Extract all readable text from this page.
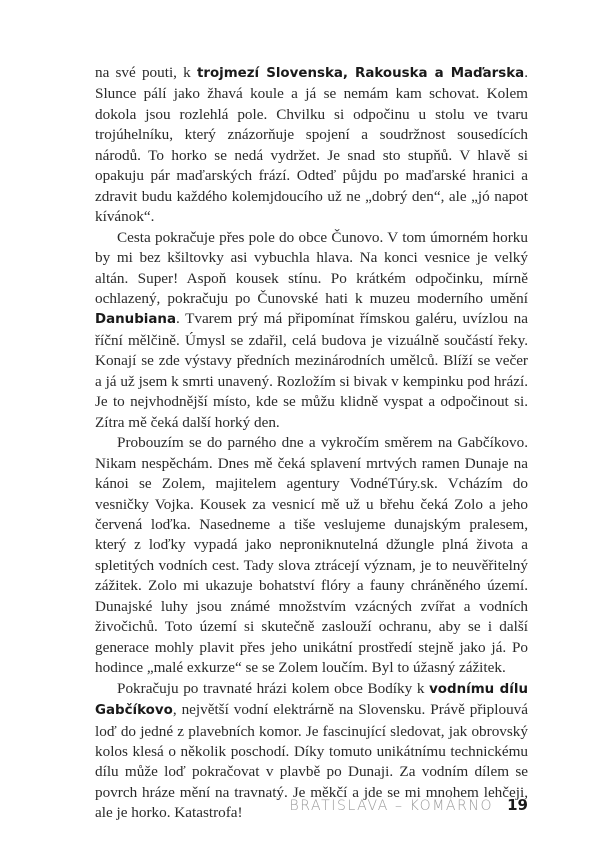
na své pouti, k trojmezí Slovenska, Rakouska a Maďarska. Slunce pálí jako žhavá koule a já se nemám kam schovat. Kolem dokola jsou rozlehlá pole. Chvilku si odpočinu u stolu ve tvaru trojúhelníku, který znázorňuje spojení a soudržnost sousedících národů. To horko se nedá vydržet. Je snad sto stupňů. V hlavě si opakuju pár maďarských frází. Odteď půjdu po maďarské hranici a zdravit budu každého kolemjdoucího už ne „dobrý den“, ale „jó napot kívánok“.

Cesta pokračuje přes pole do obce Čunovo. V tom úmorném horku by mi bez kšiltovky asi vybuchla hlava. Na konci vesnice je velký altán. Super! Aspoň kousek stínu. Po krátkém odpočinku, mírně ochlazený, pokračuju po Čunovské hati k muzeu moderního umění Danubiana. Tvarem prý má připomínat římskou galéru, uvízlou na říční mělčině. Úmysl se zdařil, celá budova je vizuálně součástí řeky. Konají se zde výstavy předních mezinárodních umělců. Blíží se večer a já už jsem k smrti unavený. Rozložím si bivak v kempinku pod hrází. Je to nejvhodnější místo, kde se můžu klidně vyspat a odpočinout si. Zítra mě čeká další horký den.

Probouzím se do parného dne a vykročím směrem na Gabčíkovo. Nikam nespěchám. Dnes mě čeká splavení mrtvých ramen Dunaje na kánoi se Zolem, majitelem agentury VodnéTúry.sk. Vcházím do vesničky Vojka. Kousek za vesnicí mě už u břehu čeká Zolo a jeho červená loďka. Nasedneme a tiše veslujeme dunajským pralesem, který z loďky vypadá jako neproniknutelná džungle plná života a spletitých vodních cest. Tady slova ztrácejí význam, je to neuvěřitelný zážitek. Zolo mi ukazuje bohatství flóry a fauny chráněného území. Dunajské luhy jsou známé množstvím vzácných zvířat a vodních živočichů. Toto území si skutečně zaslouží ochranu, aby se i další generace mohly plavit přes jeho unikátní prostředí stejně jako já. Po hodince „malé exkurze“ se se Zolem loučím. Byl to úžasný zážitek.

Pokračuju po travnaté hrázi kolem obce Bodíky k vodnímu dílu Gabčíkovo, největší vodní elektrárně na Slovensku. Právě připlouvá loď do jedné z plavebních komor. Je fascinující sledovat, jak obrovský kolos klesá o několik poschodí. Díky tomuto unikátnímu technickému dílu může loď pokračovat v plavbě po Dunaji. Za vodním dílem se povrch hráze mění na travnatý. Je měkčí a jde se mi mnohem lehčeji, ale je horko. Katastrofa!	BRATISLAVA – KOMÁRNO 19
